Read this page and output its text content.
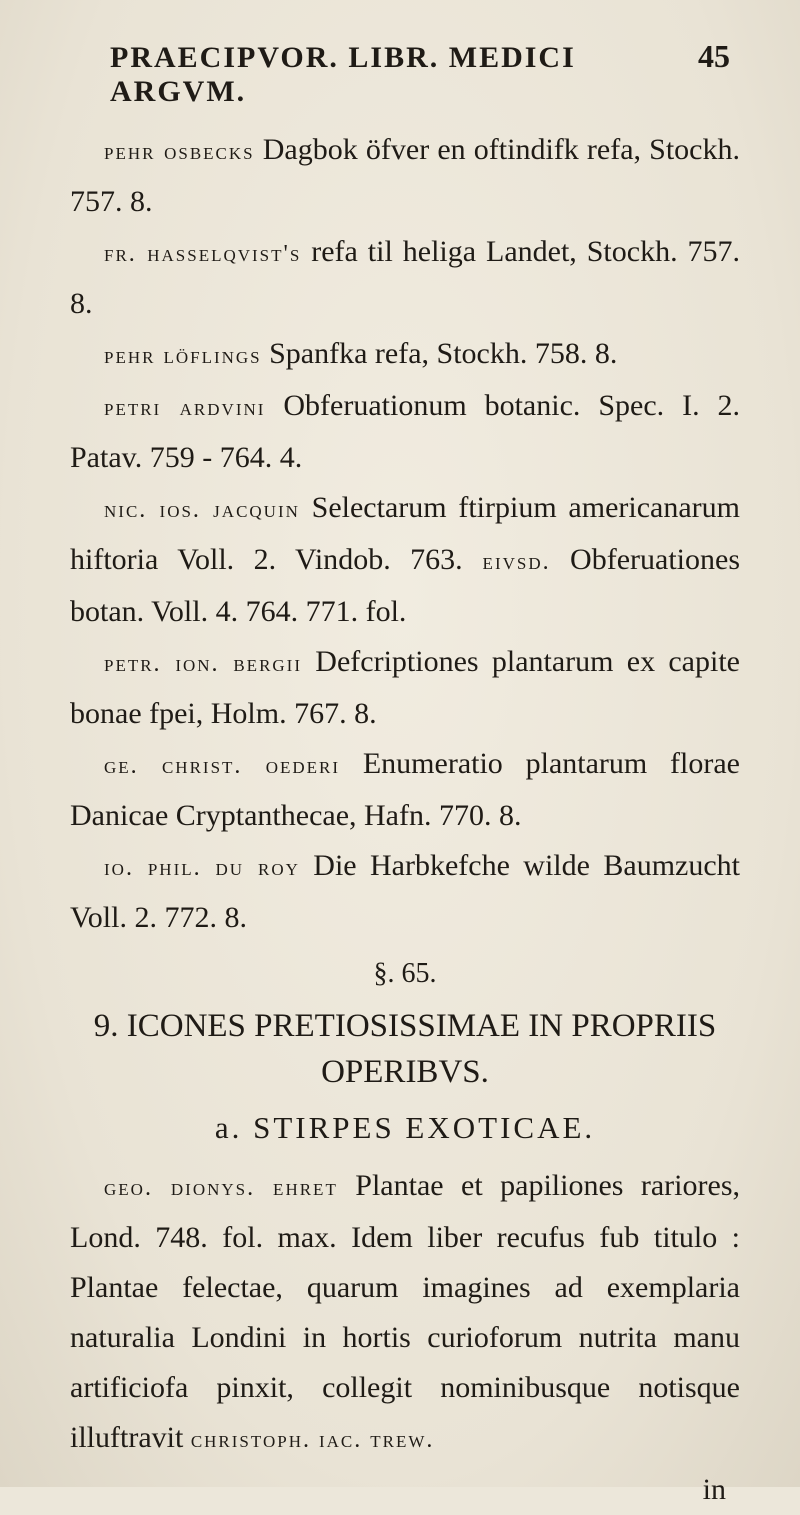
PRAECIPVOR. LIBR. MEDICI ARGVM.
45

pehr osbecks Dagbok öfver en oftindifk refa, Stockh. 757. 8.

fr. hasselqvist's refa til heliga Landet, Stockh. 757. 8.

pehr löflings Spanfka refa, Stockh. 758. 8.

petri ardvini Obferuationum botanic. Spec. I. 2. Patav. 759 - 764. 4.

nic. ios. jacquin Selectarum ftirpium americanarum hiftoria Voll. 2. Vindob. 763. eivsd. Obferuationes botan. Voll. 4. 764. 771. fol.

petr. ion. bergii Defcriptiones plantarum ex capite bonae fpei, Holm. 767. 8.

ge. christ. oederi Enumeratio plantarum florae Danicae Cryptanthecae, Hafn. 770. 8.

io. phil. du roy Die Harbkefche wilde Baumzucht Voll. 2. 772. 8.

§. 65.
9. ICONES PRETIOSISSIMAE IN PROPRIIS OPERIBVS.
a. STIRPES EXOTICAE.

geo. dionys. ehret Plantae et papiliones rariores, Lond. 748. fol. max. Idem liber recufus fub titulo : Plantae felectae, quarum imagines ad exemplaria naturalia Londini in hortis curioforum nutrita manu artificiofa pinxit, collegit nominibusque notisque illuftravit christoph. iac. trew.

in
